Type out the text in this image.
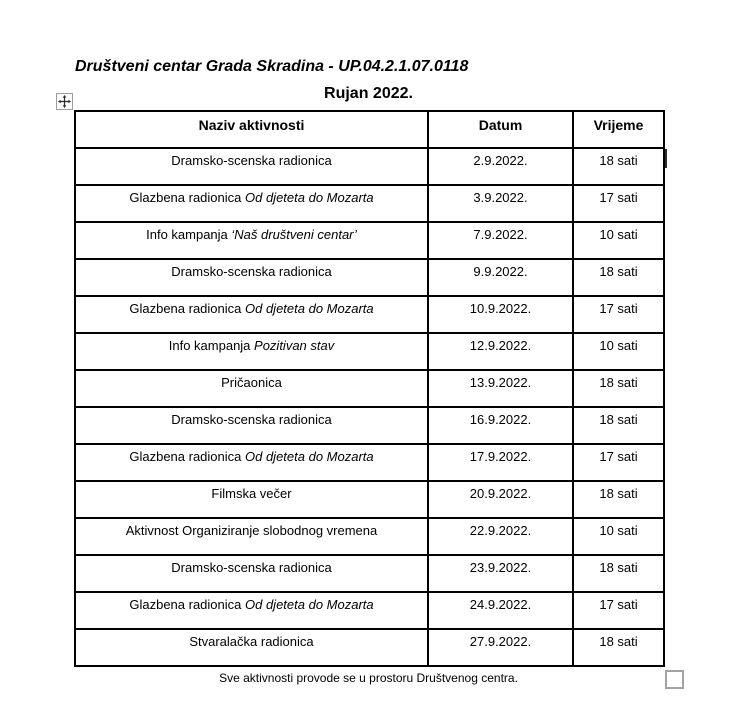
Društveni centar Grada Skradina - UP.04.2.1.07.0118
Rujan 2022.
Naziv aktivnosti	Datum	Vrijeme
Dramsko-scenska radionica	2.9.2022.	18 sati
Glazbena radionica Od djeteta do Mozarta	3.9.2022.	17 sati
Info kampanja ‘Naš društveni centar’	7.9.2022.	10 sati
Dramsko-scenska radionica	9.9.2022.	18 sati
Glazbena radionica Od djeteta do Mozarta	10.9.2022.	17 sati
Info kampanja Pozitivan stav	12.9.2022.	10 sati
Pričaonica	13.9.2022.	18 sati
Dramsko-scenska radionica	16.9.2022.	18 sati
Glazbena radionica Od djeteta do Mozarta	17.9.2022.	17 sati
Filmska večer	20.9.2022.	18 sati
Aktivnost Organiziranje slobodnog vremena	22.9.2022.	10 sati
Dramsko-scenska radionica	23.9.2022.	18 sati
Glazbena radionica Od djeteta do Mozarta	24.9.2022.	17 sati
Stvaralačka radionica	27.9.2022.	18 sati
Sve aktivnosti provode se u prostoru Društvenog centra.
